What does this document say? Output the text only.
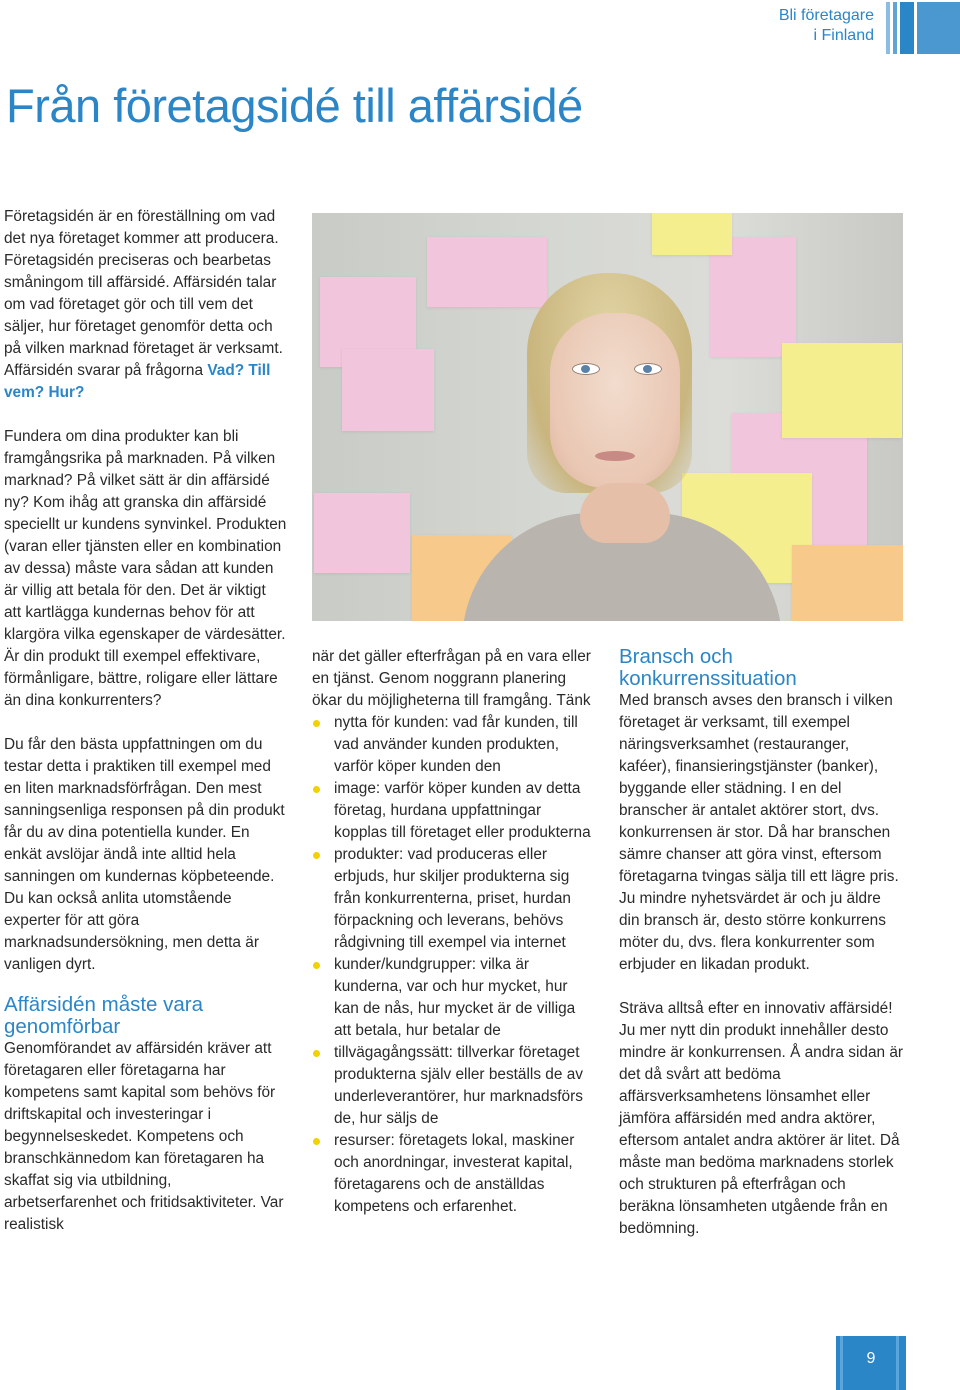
Bli företagare
i Finland
Från företagsidé till affärsidé

Företagsidén är en föreställning om vad det nya företaget kommer att producera. Företagsidén preciseras och bearbetas småningom till affärsidé. Affärsidén talar om vad företaget gör och till vem det säljer, hur företaget genomför detta och på vilken marknad företaget är verksamt. Affärsidén svarar på frågorna Vad? Till vem? Hur?

Fundera om dina produkter kan bli framgångsrika på marknaden. På vilken marknad? På vilket sätt är din affärsidé ny? Kom ihåg att granska din affärsidé speciellt ur kundens synvinkel. Produkten (varan eller tjänsten eller en kombination av dessa) måste vara sådan att kunden är villig att betala för den. Det är viktigt att kartlägga kundernas behov för att klargöra vilka egenskaper de värdesätter. Är din produkt till exempel effektivare, förmånligare, bättre, roligare eller lättare än dina konkurrenters?

Du får den bästa uppfattningen om du testar detta i praktiken till exempel med en liten marknadsförfrågan. Den mest sanningsenliga responsen på din produkt får du av dina potentiella kunder. En enkät avslöjar ändå inte alltid hela sanningen om kundernas köpbeteende. Du kan också anlita utomstående experter för att göra marknadsundersökning, men detta är vanligen dyrt.

Affärsidén måste vara genomförbar

Genomförandet av affärsidén kräver att företagaren eller företagarna har kompetens samt kapital som behövs för driftskapital och investeringar i begynnelseskedet. Kompetens och branschkännedom kan företagaren ha skaffat sig via utbildning, arbetserfarenhet och fritidsaktiviteter. Var realistisk

när det gäller efterfrågan på en vara eller en tjänst. Genom noggrann planering ökar du möjligheterna till framgång. Tänk

nytta för kunden: vad får kunden, till vad använder kunden produkten, varför köper kunden den
image: varför köper kunden av detta företag, hurdana uppfattningar kopplas till företaget eller produkterna
produkter: vad produceras eller erbjuds, hur skiljer produkterna sig från konkurrenterna, priset, hurdan förpackning och leverans, behövs rådgivning till exempel via internet
kunder/kundgrupper: vilka är kunderna, var och hur mycket, hur kan de nås, hur mycket är de villiga att betala, hur betalar de
tillvägagångssätt: tillverkar företaget produkterna själv eller beställs de av underleverantörer, hur marknadsförs de, hur säljs de
resurser: företagets lokal, maskiner och anordningar, investerat kapital, företagarens och de anställdas kompetens och erfarenhet.
Bransch och konkurrenssituation

Med bransch avses den bransch i vilken företaget är verksamt, till exempel näringsverksamhet (restauranger, kaféer), finansieringstjänster (banker), byggande eller städning. I en del branscher är antalet aktörer stort, dvs. konkurrensen är stor. Då har branschen sämre chanser att göra vinst, eftersom företagarna tvingas sälja till ett lägre pris. Ju mindre nyhetsvärdet är och ju äldre din bransch är, desto större konkurrens möter du, dvs. flera konkurrenter som erbjuder en likadan produkt.

Sträva alltså efter en innovativ affärsidé! Ju mer nytt din produkt innehåller desto mindre är konkurrensen. Å andra sidan är det då svårt att bedöma affärsverksamhetens lönsamhet eller jämföra affärsidén med andra aktörer, eftersom antalet andra aktörer är litet. Då måste man bedöma marknadens storlek och strukturen på efterfrågan och beräkna lönsamheten utgående från en bedömning.

9
